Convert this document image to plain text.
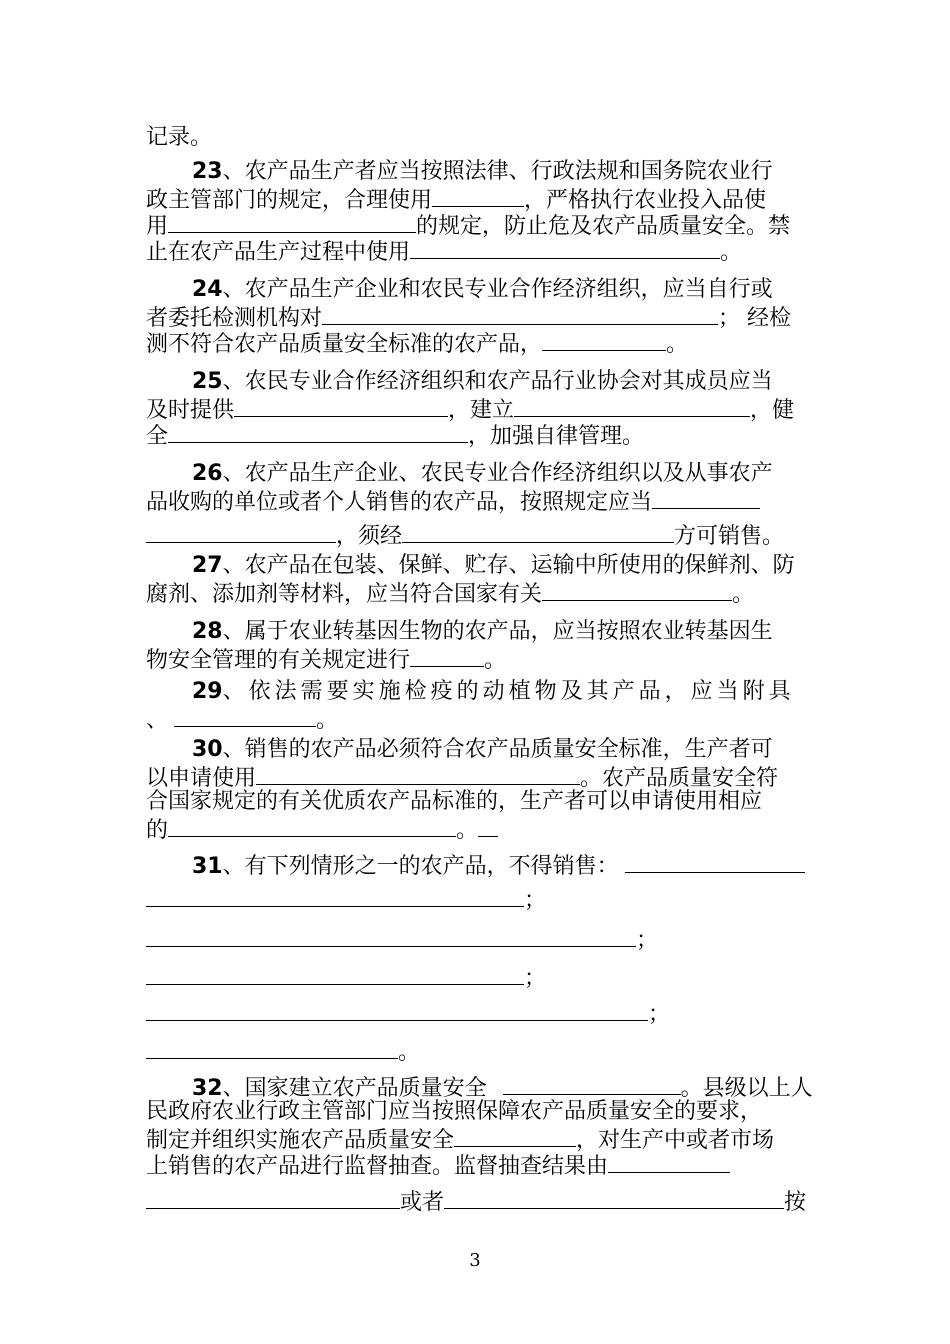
记录。
23、农产品生产者应当按照法律、行政法规和国务院农业行
政主管部门的规定，合理使用	，严格执行农业投入品使
用	的规定，防止危及农产品质量安全。禁
止在农产品生产过程中使用	。
24、农产品生产企业和农民专业合作经济组织，应当自行或
者委托检测机构对	； 经检
测不符合农产品质量安全标准的农产品，	。
25、农民专业合作经济组织和农产品行业协会对其成员应当
及时提供	，建立	，健
全	，加强自律管理。
26、农产品生产企业、农民专业合作经济组织以及从事农产
品收购的单位或者个人销售的农产品，按照规定应当
，须经	方可销售。
27、农产品在包装、保鲜、贮存、运输中所使用的保鲜剂、防
腐剂、添加剂等材料，应当符合国家有关	。
28、属于农业转基因生物的农产品，应当按照农业转基因生
物安全管理的有关规定进行	。
29、依法需要实施检疫的动植物及其产品，应当附具
、	。
30、销售的农产品必须符合农产品质量安全标准，生产者可
以申请使用	。农产品质量安全符
合国家规定的有关优质农产品标准的，生产者可以申请使用相应
的	。
31、有下列情形之一的农产品，不得销售：
；
；
；
；
。
32、国家建立农产品质量安全	。县级以上人
民政府农业行政主管部门应当按照保障农产品质量安全的要求，
制定并组织实施农产品质量安全	，对生产中或者市场
上销售的农产品进行监督抽查。监督抽查结果由
或者	按
3
